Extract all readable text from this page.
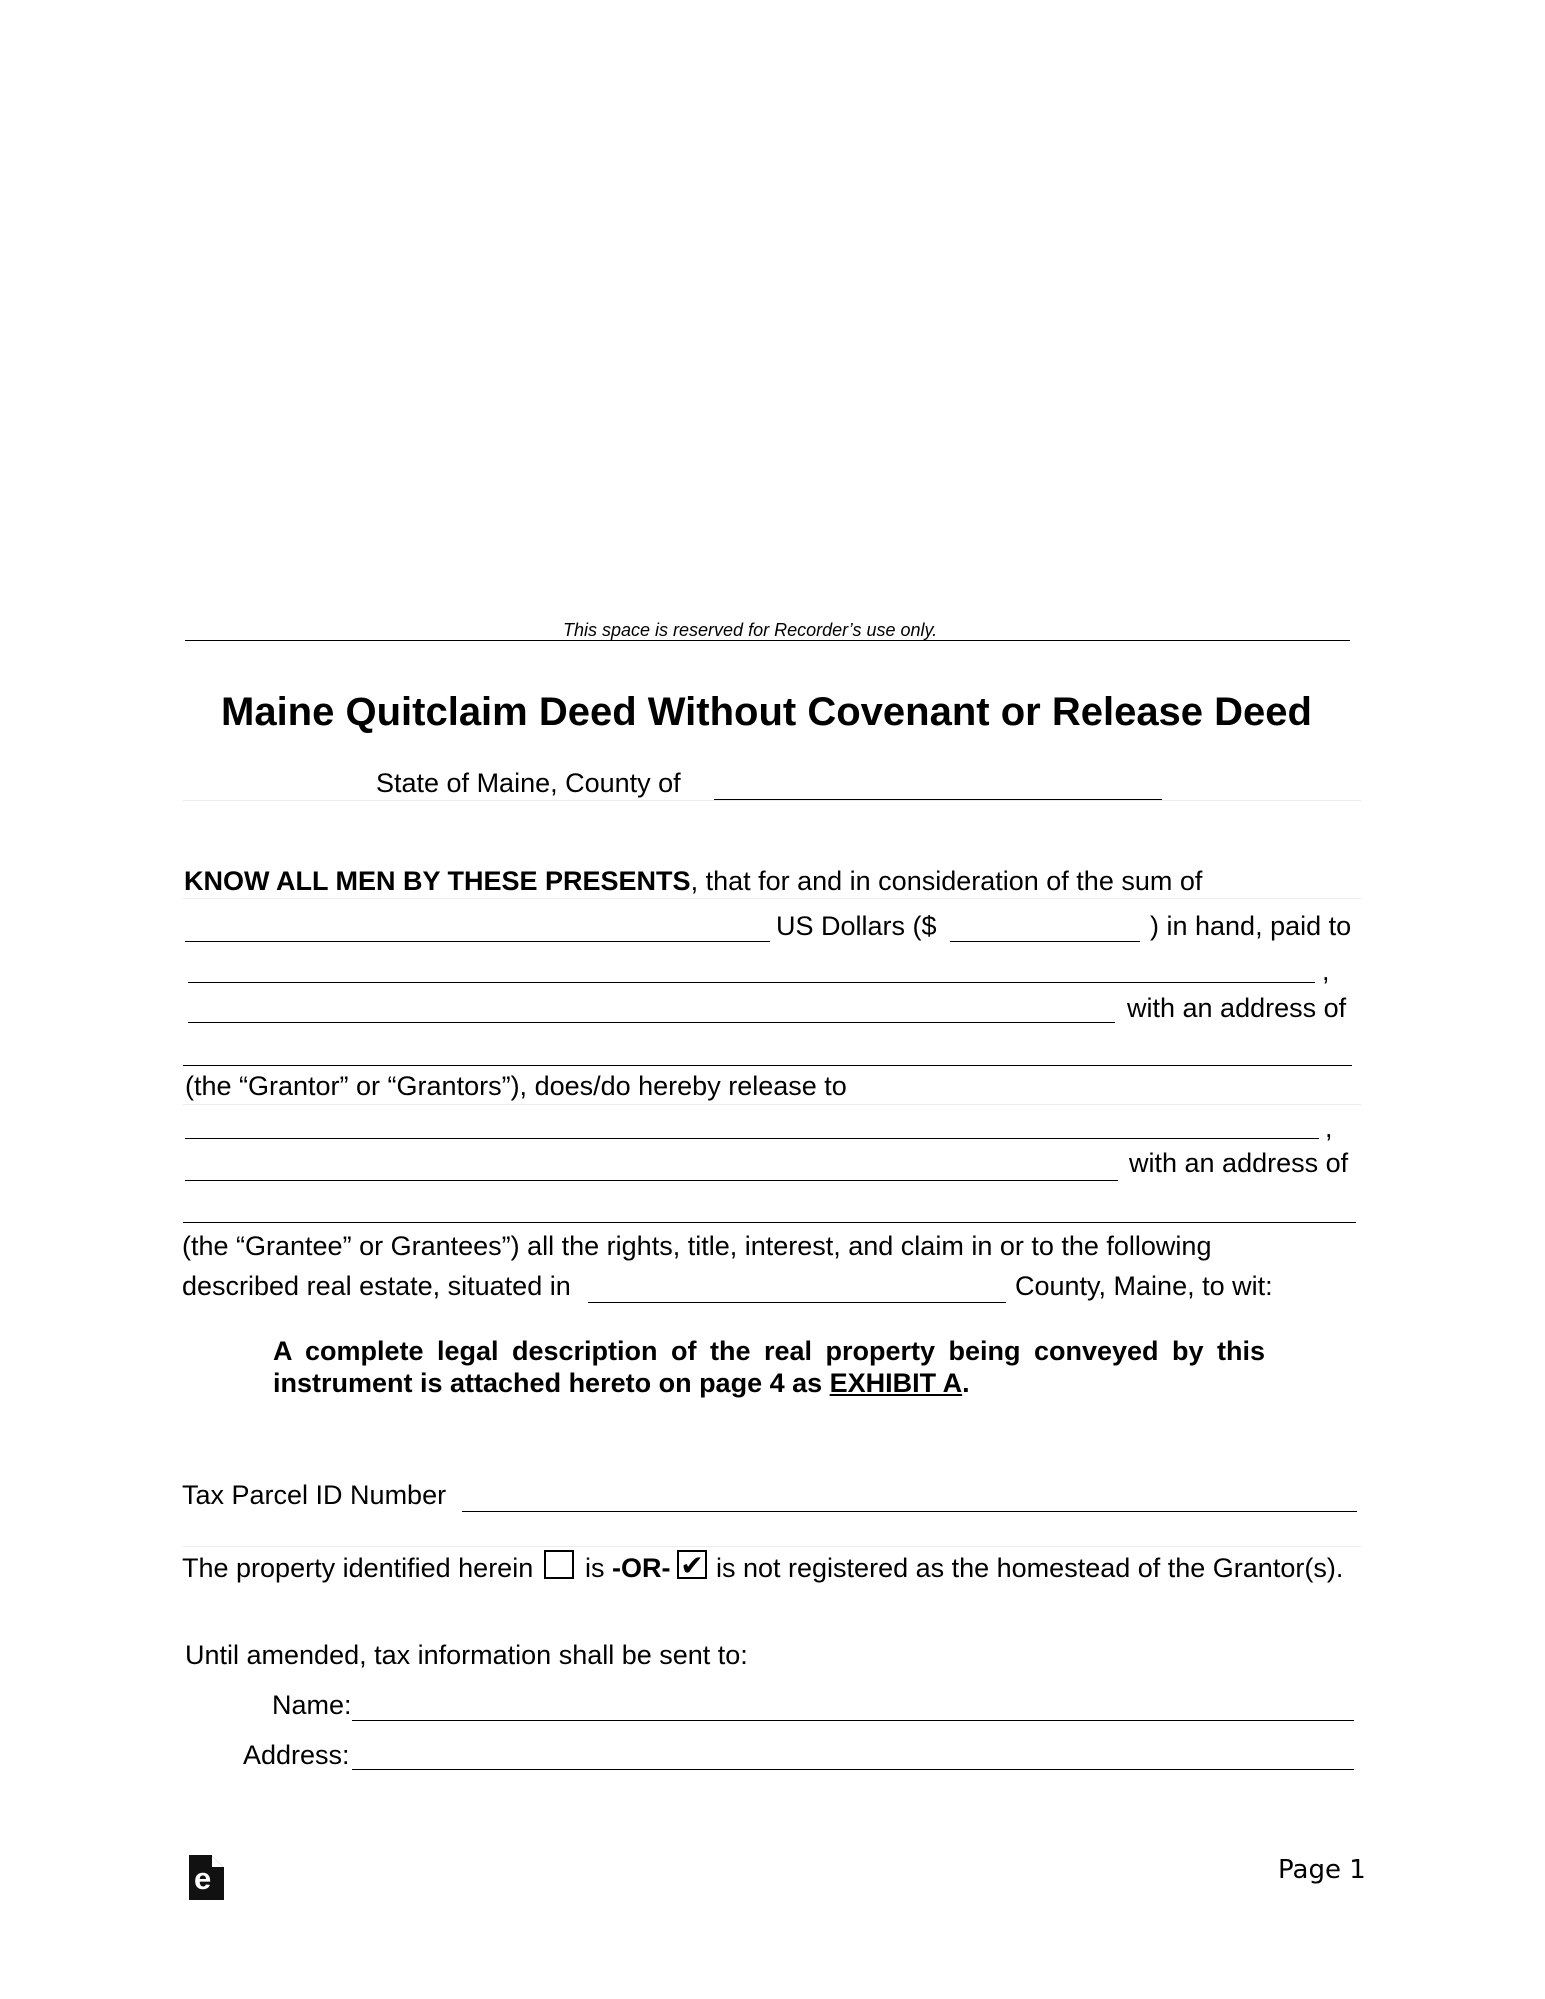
This space is reserved for Recorder’s use only.
Maine Quitclaim Deed Without Covenant or Release Deed
State of Maine, County of
KNOW ALL MEN BY THESE PRESENTS, that for and in consideration of the sum of
US Dollars ($	) in hand, paid to
,
with an address of
(the “Grantor” or “Grantors”), does/do hereby release to
,
with an address of
(the “Grantee” or Grantees”) all the rights, title, interest, and claim in or to the following
described real estate, situated in	County, Maine, to wit:
A complete legal description of the real property being conveyed by this instrument is attached hereto on page 4 as EXHIBIT A.
Tax Parcel ID Number
The property identified herein is -OR- ✔ is not registered as the homestead of the Grantor(s).
Until amended, tax information shall be sent to:
Name:
Address:
e	Page 1
